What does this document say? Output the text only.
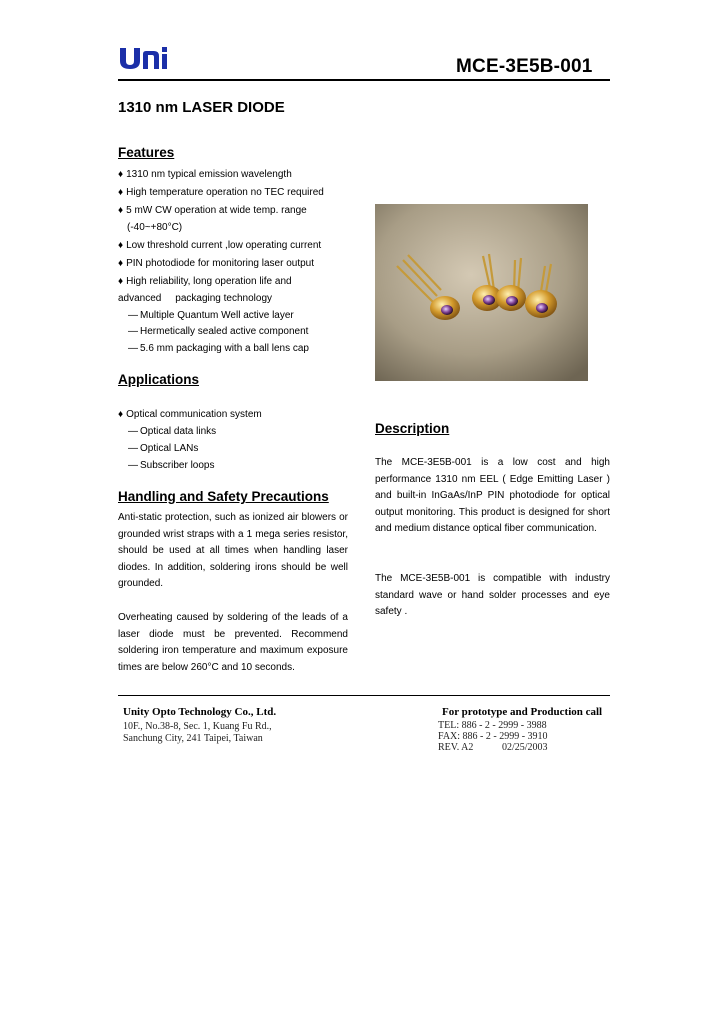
MCE-3E5B-001
1310 nm LASER DIODE
Features
♦ 1310 nm typical emission wavelength
♦ High temperature operation no TEC required
♦ 5 mW CW operation at wide temp. range
(-40~+80°C)
♦ Low threshold current ,low operating current
♦ PIN photodiode for monitoring laser output
♦ High reliability, long operation life and
advanced     packaging technology
— Multiple Quantum Well active layer
— Hermetically sealed active component
— 5.6 mm packaging with a ball lens cap
Applications
♦ Optical communication system
— Optical data links
— Optical LANs
— Subscriber loops
Handling and Safety Precautions
Anti-static protection, such as ionized air blowers or grounded wrist straps with a 1 mega series resistor, should be used at all times when handling laser diodes. In addition, soldering irons should be well grounded.
Overheating caused by soldering of the leads of a laser diode must be prevented. Recommend soldering iron temperature and maximum exposure times are below 260°C and 10 seconds.
Description
The MCE-3E5B-001 is a low cost and high performance 1310 nm EEL ( Edge Emitting Laser ) and built-in InGaAs/InP PIN photodiode for optical output monitoring. This product is designed for short and medium distance optical fiber communication.
The MCE-3E5B-001 is compatible with industry standard wave or hand solder processes and eye safety .
Unity Opto Technology Co., Ltd.
10F., No.38-8, Sec. 1, Kuang Fu Rd.,
Sanchung City, 241 Taipei, Taiwan
For prototype and Production call
TEL: 886 - 2 - 2999 - 3988
FAX: 886 - 2 - 2999 - 3910
REV. A2	02/25/2003
